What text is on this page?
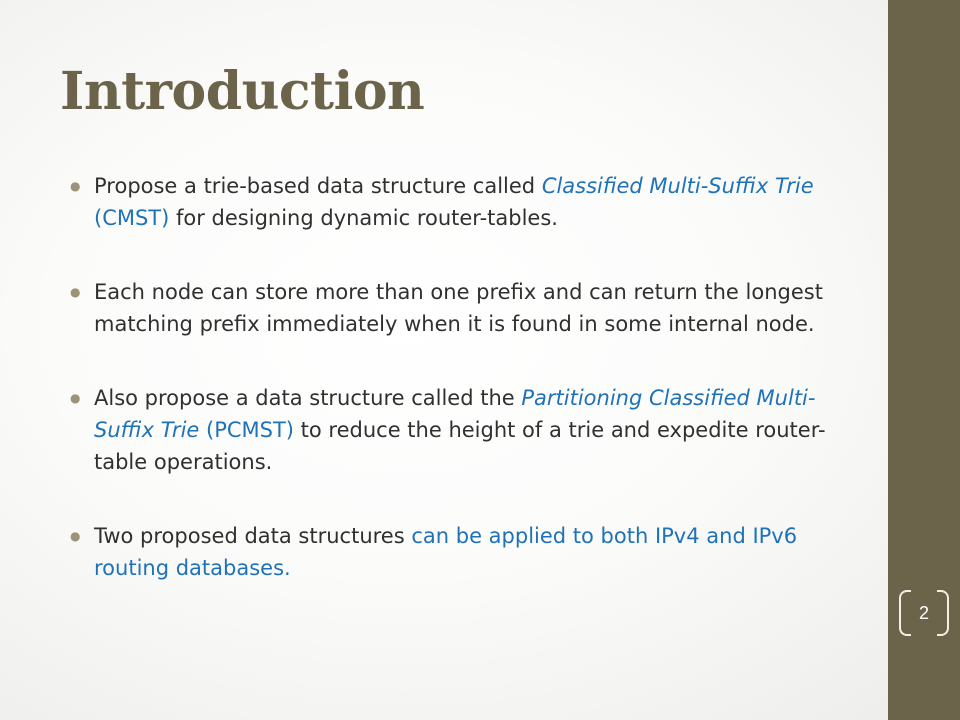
Introduction
● Propose a trie-based data structure called Classified Multi-Suffix Trie (CMST) for designing dynamic router-tables.
● Each node can store more than one prefix and can return the longest matching prefix immediately when it is found in some internal node.
● Also propose a data structure called the Partitioning Classified Multi-Suffix Trie (PCMST) to reduce the height of a trie and expedite router-table operations.
● Two proposed data structures can be applied to both IPv4 and IPv6 routing databases.
2
